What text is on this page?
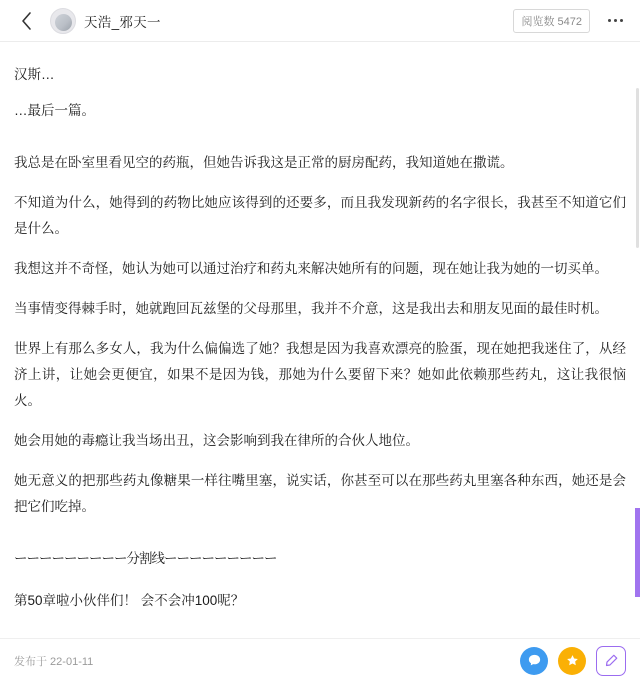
天浩_邪天一	阅览数 5472
汉斯…
…最后一篇。
我总是在卧室里看见空的药瓶，但她告诉我这是正常的厨房配药，我知道她在撒谎。
不知道为什么，她得到的药物比她应该得到的还要多，而且我发现新药的名字很长，我甚至不知道它们是什么。
我想这并不奇怪，她认为她可以通过治疗和药丸来解决她所有的问题，现在她让我为她的一切买单。
当事情变得棘手时，她就跑回瓦兹堡的父母那里，我并不介意，这是我出去和朋友见面的最佳时机。
世界上有那么多女人，我为什么偏偏选了她？我想是因为我喜欢漂亮的脸蛋，现在她把我迷住了，从经济上讲，让她会更便宜，如果不是因为钱，那她为什么要留下来？她如此依赖那些药丸，这让我很恼火。
她会用她的毒瘾让我当场出丑，这会影响到我在律所的合伙人地位。
她无意义的把那些药丸像糖果一样往嘴里塞，说实话，你甚至可以在那些药丸里塞各种东西，她还是会把它们吃掉。
ーーーーーーーーー分割线ーーーーーーーーー
第50章啦小伙伴们！ 会不会冲100呢？
发布于 22-01-11
